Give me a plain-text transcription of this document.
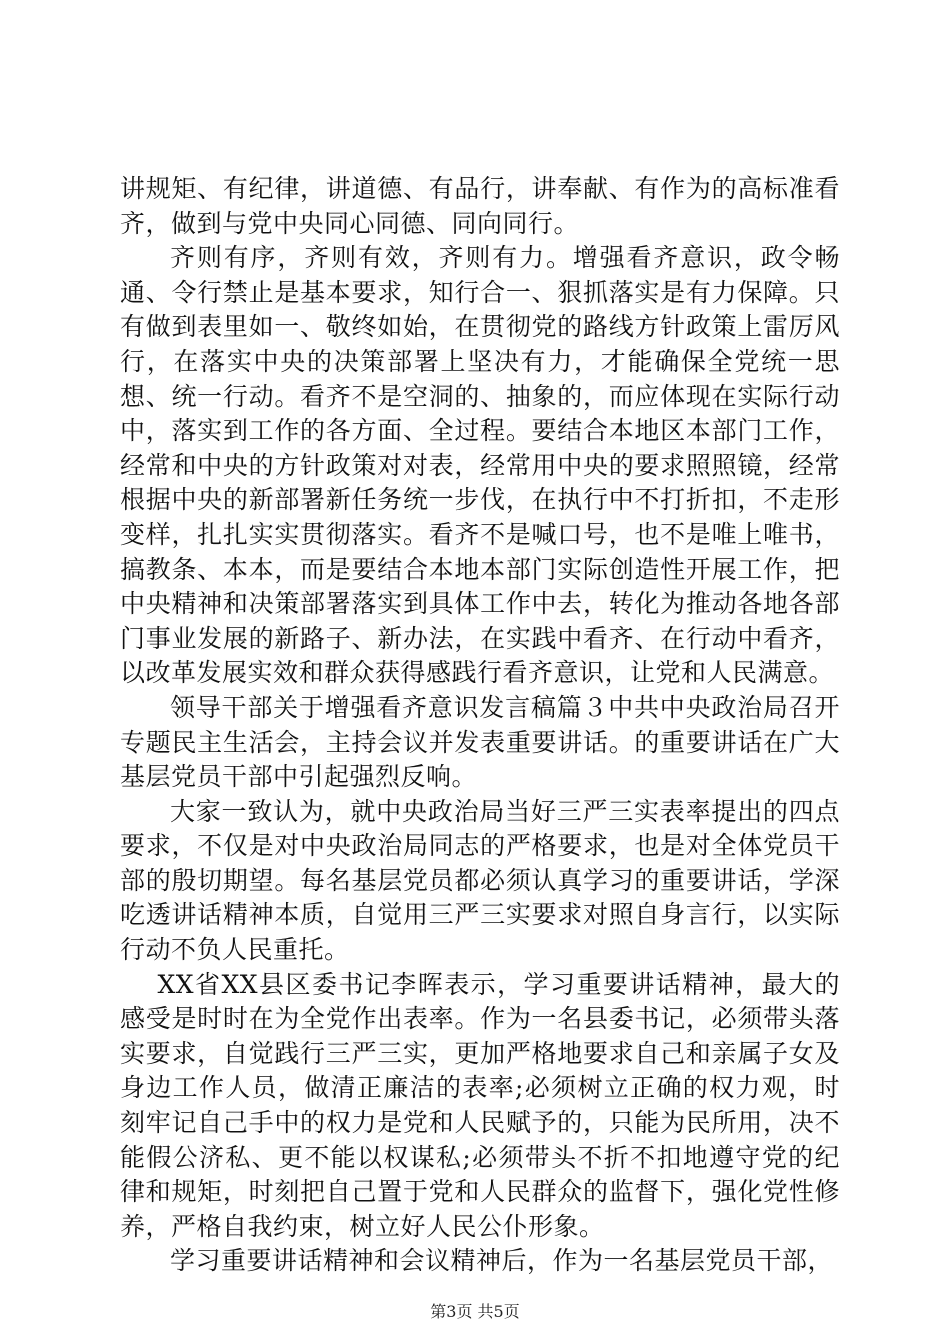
讲规矩、有纪律，讲道德、有品行，讲奉献、有作为的高标准看齐，做到与党中央同心同德、同向同行。

齐则有序，齐则有效，齐则有力。增强看齐意识，政令畅通、令行禁止是基本要求，知行合一、狠抓落实是有力保障。只有做到表里如一、敬终如始，在贯彻党的路线方针政策上雷厉风行，在落实中央的决策部署上坚决有力，才能确保全党统一思想、统一行动。看齐不是空洞的、抽象的，而应体现在实际行动中，落实到工作的各方面、全过程。要结合本地区本部门工作，经常和中央的方针政策对对表，经常用中央的要求照照镜，经常根据中央的新部署新任务统一步伐，在执行中不打折扣，不走形变样，扎扎实实贯彻落实。看齐不是喊口号，也不是唯上唯书，搞教条、本本，而是要结合本地本部门实际创造性开展工作，把中央精神和决策部署落实到具体工作中去，转化为推动各地各部门事业发展的新路子、新办法，在实践中看齐、在行动中看齐，以改革发展实效和群众获得感践行看齐意识，让党和人民满意。

领导干部关于增强看齐意识发言稿篇３中共中央政治局召开专题民主生活会，主持会议并发表重要讲话。的重要讲话在广大基层党员干部中引起强烈反响。

大家一致认为，就中央政治局当好三严三实表率提出的四点要求，不仅是对中央政治局同志的严格要求，也是对全体党员干部的殷切期望。每名基层党员都必须认真学习的重要讲话，学深吃透讲话精神本质，自觉用三严三实要求对照自身言行，以实际行动不负人民重托。

XX省XX县区委书记李晖表示，学习重要讲话精神，最大的感受是时时在为全党作出表率。作为一名县委书记，必须带头落实要求，自觉践行三严三实，更加严格地要求自己和亲属子女及身边工作人员，做清正廉洁的表率;必须树立正确的权力观，时刻牢记自己手中的权力是党和人民赋予的，只能为民所用，决不能假公济私、更不能以权谋私;必须带头不折不扣地遵守党的纪律和规矩，时刻把自己置于党和人民群众的监督下，强化党性修养，严格自我约束，树立好人民公仆形象。

学习重要讲话精神和会议精神后，作为一名基层党员干部，

第3页 共5页
